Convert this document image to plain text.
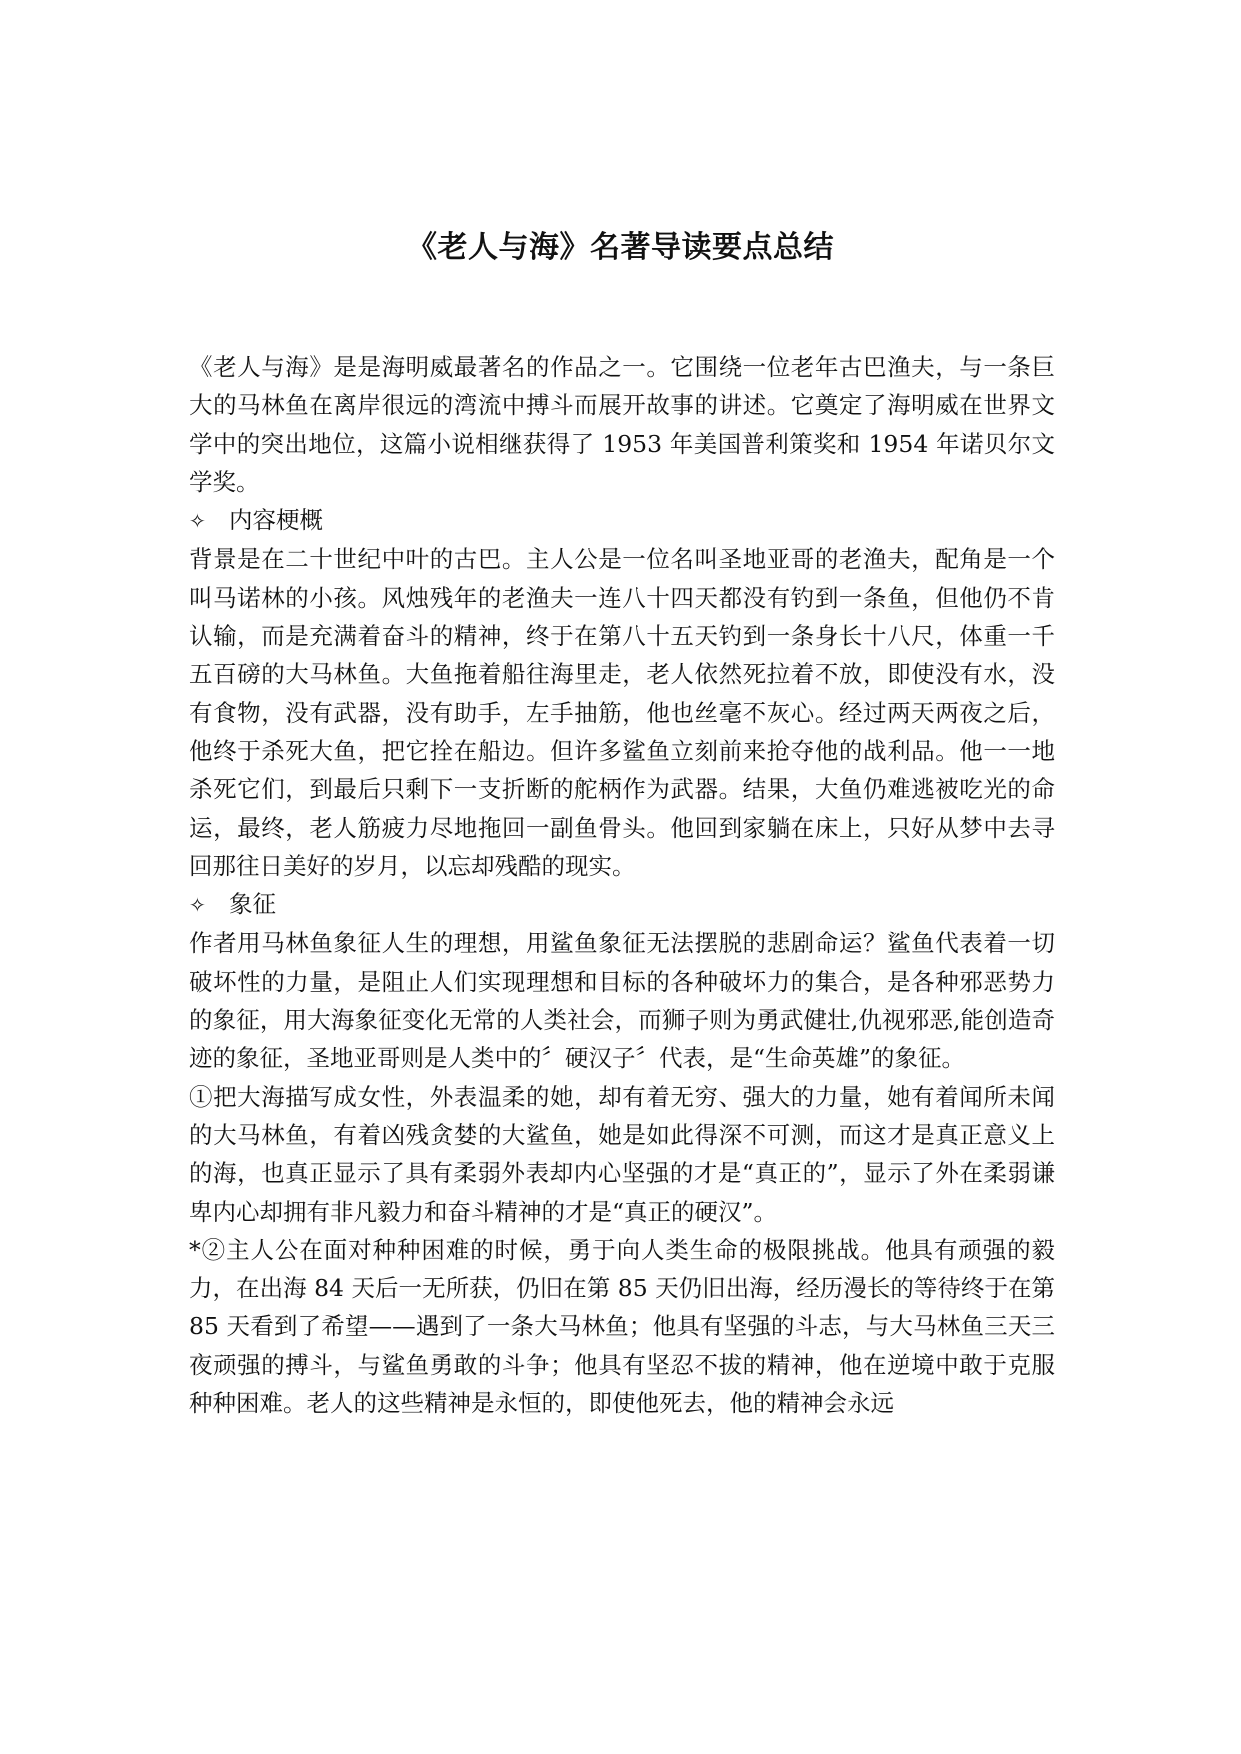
《老人与海》名著导读要点总结

《老人与海》是是海明威最著名的作品之一。它围绕一位老年古巴渔夫，与一条巨大的马林鱼在离岸很远的湾流中搏斗而展开故事的讲述。它奠定了海明威在世界文学中的突出地位，这篇小说相继获得了 1953 年美国普利策奖和 1954 年诺贝尔文学奖。

✧ 内容梗概

背景是在二十世纪中叶的古巴。主人公是一位名叫圣地亚哥的老渔夫，配角是一个叫马诺林的小孩。风烛残年的老渔夫一连八十四天都没有钓到一条鱼，但他仍不肯认输，而是充满着奋斗的精神，终于在第八十五天钓到一条身长十八尺，体重一千五百磅的大马林鱼。大鱼拖着船往海里走，老人依然死拉着不放，即使没有水，没有食物，没有武器，没有助手，左手抽筋，他也丝毫不灰心。经过两天两夜之后，他终于杀死大鱼，把它拴在船边。但许多鲨鱼立刻前来抢夺他的战利品。他一一地杀死它们，到最后只剩下一支折断的舵柄作为武器。结果，大鱼仍难逃被吃光的命运，最终，老人筋疲力尽地拖回一副鱼骨头。他回到家躺在床上，只好从梦中去寻回那往日美好的岁月，以忘却残酷的现实。

✧ 象征

作者用马林鱼象征人生的理想，用鲨鱼象征无法摆脱的悲剧命运？鲨鱼代表着一切破坏性的力量，是阻止人们实现理想和目标的各种破坏力的集合，是各种邪恶势力的象征，用大海象征变化无常的人类社会，而狮子则为勇武健壮,仇视邪恶,能创造奇迹的象征，圣地亚哥则是人类中的〞硬汉子〞代表，是“生命英雄”的象征。

①把大海描写成女性，外表温柔的她，却有着无穷、强大的力量，她有着闻所未闻的大马林鱼，有着凶残贪婪的大鲨鱼，她是如此得深不可测，而这才是真正意义上的海，也真正显示了具有柔弱外表却内心坚强的才是“真正的”，显示了外在柔弱谦卑内心却拥有非凡毅力和奋斗精神的才是“真正的硬汉”。

*②主人公在面对种种困难的时候，勇于向人类生命的极限挑战。他具有顽强的毅力，在出海 84 天后一无所获，仍旧在第 85 天仍旧出海，经历漫长的等待终于在第 85 天看到了希望——遇到了一条大马林鱼；他具有坚强的斗志，与大马林鱼三天三夜顽强的搏斗，与鲨鱼勇敢的斗争；他具有坚忍不拔的精神，他在逆境中敢于克服种种困难。老人的这些精神是永恒的，即使他死去，他的精神会永远
